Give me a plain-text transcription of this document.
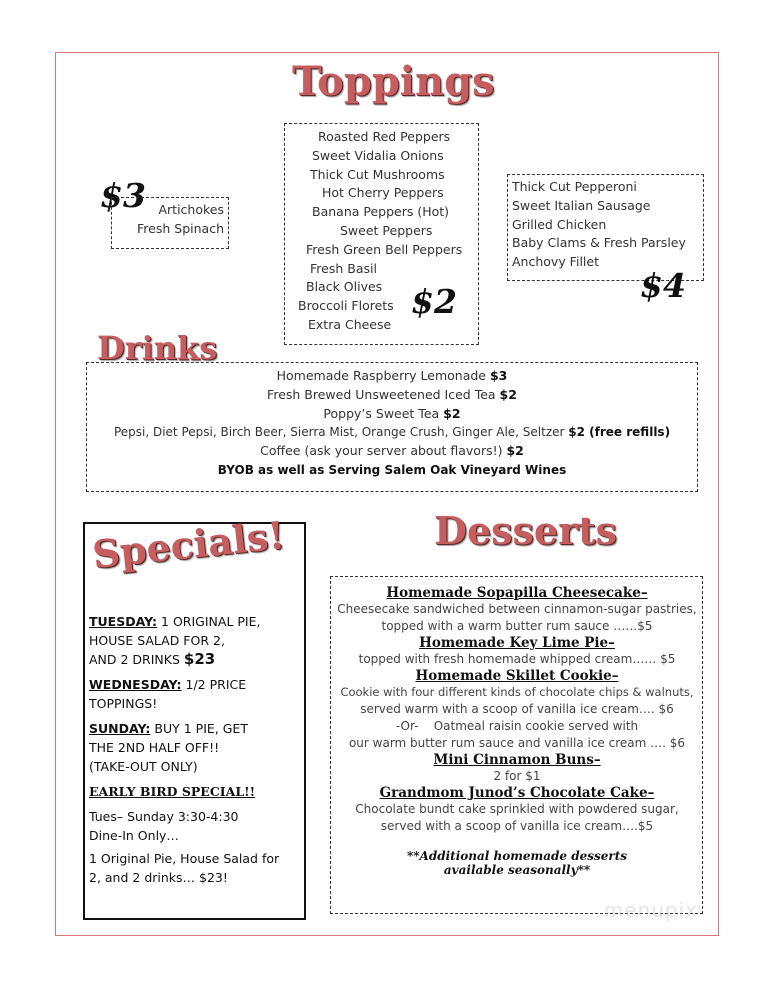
Toppings
$3	Artichokes
Fresh Spinach
Roasted Red Peppers
Sweet Vidalia Onions
Thick Cut Mushrooms
Hot Cherry Peppers
Banana Peppers (Hot)
Sweet Peppers
Fresh Green Bell Peppers
Fresh Basil
Black Olives
Broccoli Florets
Extra Cheese
$2
Thick Cut Pepperoni
Sweet Italian Sausage
Grilled Chicken
Baby Clams & Fresh Parsley
Anchovy Fillet
$4
Drinks
Homemade Raspberry Lemonade $3
Fresh Brewed Unsweetened Iced Tea $2
Poppy’s Sweet Tea $2
Pepsi, Diet Pepsi, Birch Beer, Sierra Mist, Orange Crush, Ginger Ale, Seltzer $2 (free refills)
Coffee (ask your server about flavors!) $2
BYOB as well as Serving Salem Oak Vineyard Wines
Specials!
TUESDAY: 1 ORIGINAL PIE,
HOUSE SALAD FOR 2,
AND 2 DRINKS $23
WEDNESDAY: 1/2 PRICE
TOPPINGS!
SUNDAY: BUY 1 PIE, GET
THE 2ND HALF OFF!!
(TAKE-OUT ONLY)
EARLY BIRD SPECIAL!!
Tues– Sunday 3:30-4:30
Dine-In Only…
1 Original Pie, House Salad for
2, and 2 drinks… $23!
Desserts
Homemade Sopapilla Cheesecake–
Cheesecake sandwiched between cinnamon-sugar pastries,
topped with a warm butter rum sauce ……$5
Homemade Key Lime Pie–
topped with fresh homemade whipped cream…… $5
Homemade Skillet Cookie–
Cookie with four different kinds of chocolate chips & walnuts,
served warm with a scoop of vanilla ice cream…. $6
-Or-    Oatmeal raisin cookie served with
our warm butter rum sauce and vanilla ice cream …. $6
Mini Cinnamon Buns–
2 for $1
Grandmom Junod’s Chocolate Cake–
Chocolate bundt cake sprinkled with powdered sugar,
served with a scoop of vanilla ice cream….$5
**Additional homemade desserts
available seasonally**
menupix
